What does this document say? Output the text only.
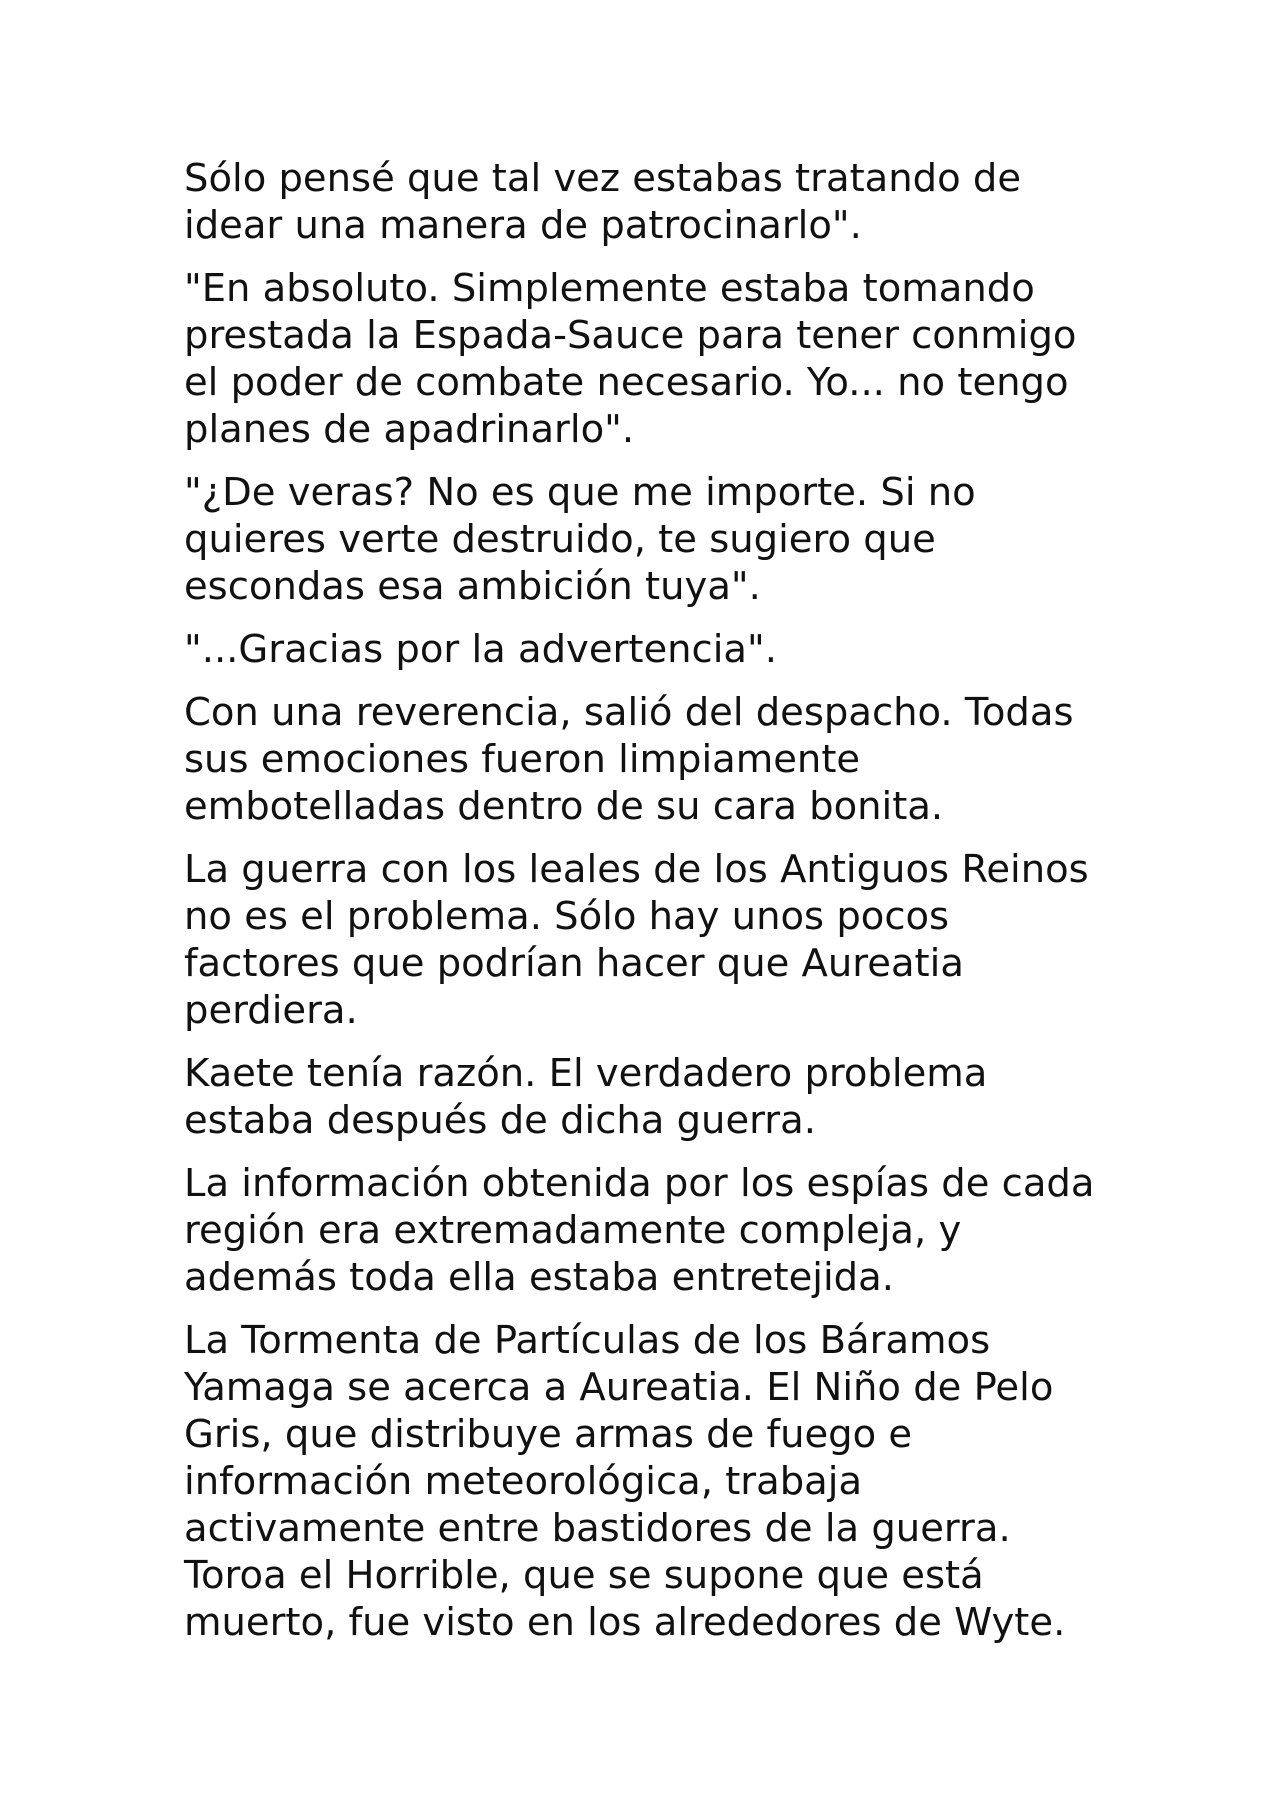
Sólo pensé que tal vez estabas tratando de idear una manera de patrocinarlo".

"En absoluto. Simplemente estaba tomando prestada la Espada-Sauce para tener conmigo el poder de combate necesario. Yo... no tengo planes de apadrinarlo".

"¿De veras? No es que me importe. Si no quieres verte destruido, te sugiero que escondas esa ambición tuya".

"...Gracias por la advertencia".

Con una reverencia, salió del despacho. Todas sus emociones fueron limpiamente embotelladas dentro de su cara bonita.

La guerra con los leales de los Antiguos Reinos no es el problema. Sólo hay unos pocos factores que podrían hacer que Aureatia perdiera.

Kaete tenía razón. El verdadero problema estaba después de dicha guerra.

La información obtenida por los espías de cada región era extremadamente compleja, y además toda ella estaba entretejida.

La Tormenta de Partículas de los Báramos Yamaga se acerca a Aureatia. El Niño de Pelo Gris, que distribuye armas de fuego e información meteorológica, trabaja activamente entre bastidores de la guerra. Toroa el Horrible, que se supone que está muerto, fue visto en los alrededores de Wyte.
